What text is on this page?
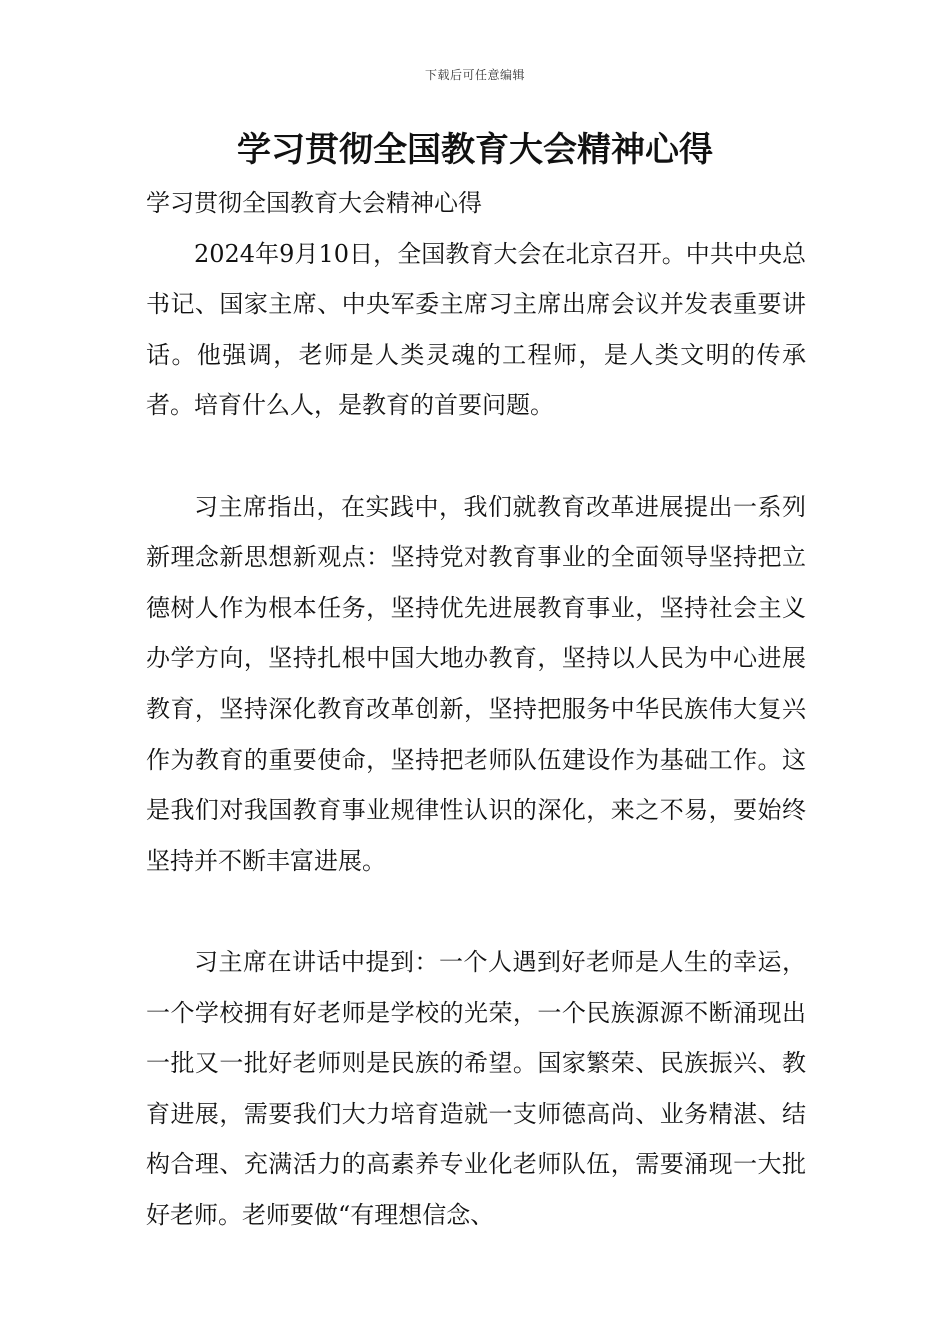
下载后可任意编辑
学习贯彻全国教育大会精神心得

学习贯彻全国教育大会精神心得

2024年9月10日，全国教育大会在北京召开。中共中央总书记、国家主席、中央军委主席习主席出席会议并发表重要讲话。他强调，老师是人类灵魂的工程师，是人类文明的传承者。培育什么人，是教育的首要问题。

习主席指出，在实践中，我们就教育改革进展提出一系列新理念新思想新观点：坚持党对教育事业的全面领导坚持把立德树人作为根本任务，坚持优先进展教育事业，坚持社会主义办学方向，坚持扎根中国大地办教育，坚持以人民为中心进展教育，坚持深化教育改革创新，坚持把服务中华民族伟大复兴作为教育的重要使命，坚持把老师队伍建设作为基础工作。这是我们对我国教育事业规律性认识的深化，来之不易，要始终坚持并不断丰富进展。

习主席在讲话中提到：一个人遇到好老师是人生的幸运，一个学校拥有好老师是学校的光荣，一个民族源源不断涌现出一批又一批好老师则是民族的希望。国家繁荣、民族振兴、教育进展，需要我们大力培育造就一支师德高尚、业务精湛、结构合理、充满活力的高素养专业化老师队伍，需要涌现一大批好老师。老师要做“有理想信念、
